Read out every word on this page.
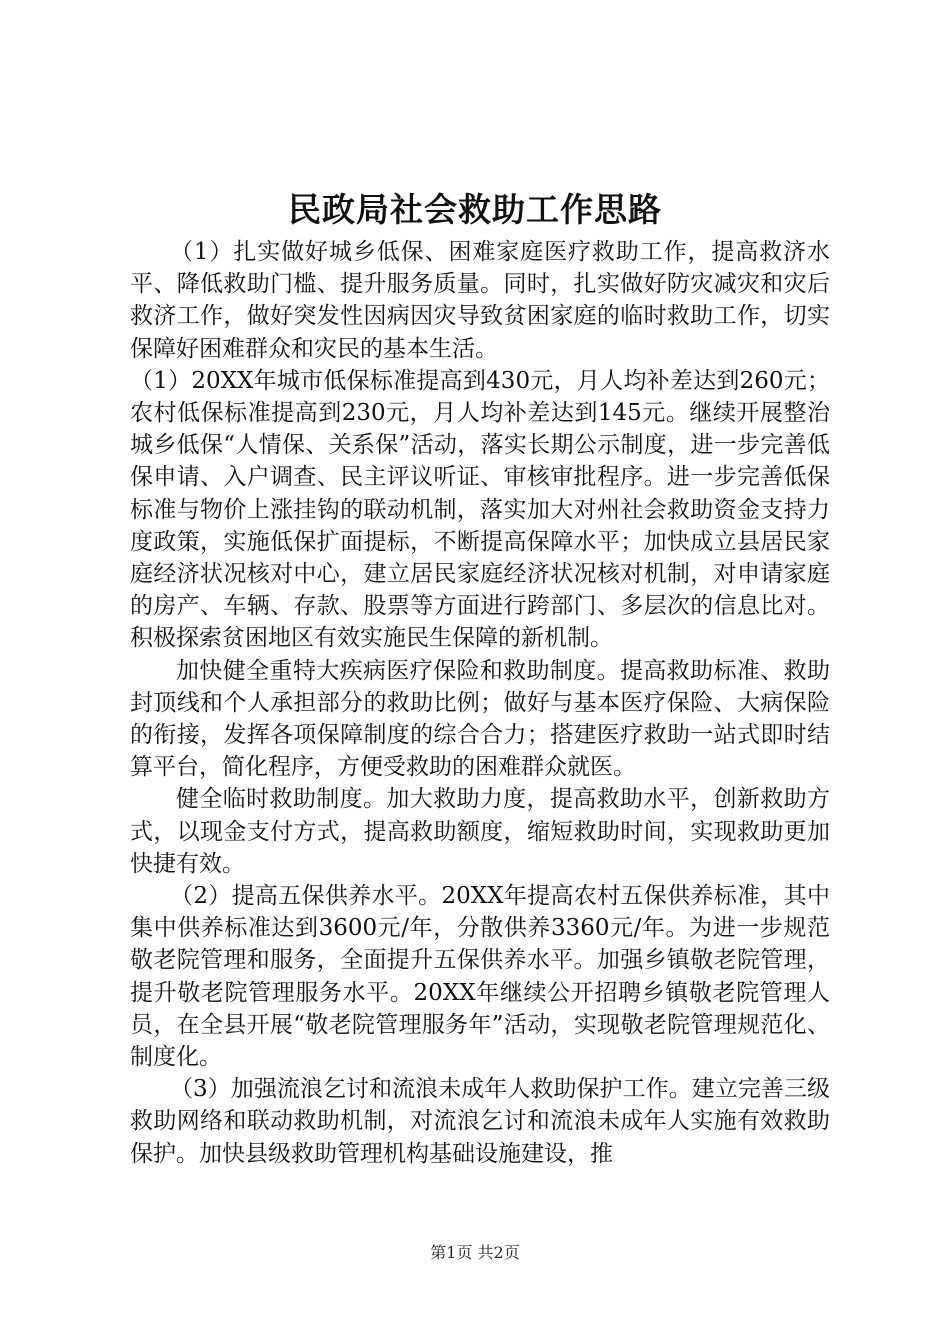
民政局社会救助工作思路

（1）扎实做好城乡低保、困难家庭医疗救助工作，提高救济水平、降低救助门槛、提升服务质量。同时，扎实做好防灾减灾和灾后救济工作，做好突发性因病因灾导致贫困家庭的临时救助工作，切实保障好困难群众和灾民的基本生活。

（1）20XX年城市低保标准提高到430元，月人均补差达到260元；农村低保标准提高到230元，月人均补差达到145元。继续开展整治城乡低保“人情保、关系保”活动，落实长期公示制度，进一步完善低保申请、入户调查、民主评议听证、审核审批程序。进一步完善低保标准与物价上涨挂钩的联动机制，落实加大对州社会救助资金支持力度政策，实施低保扩面提标，不断提高保障水平；加快成立县居民家庭经济状况核对中心，建立居民家庭经济状况核对机制，对申请家庭的房产、车辆、存款、股票等方面进行跨部门、多层次的信息比对。积极探索贫困地区有效实施民生保障的新机制。

加快健全重特大疾病医疗保险和救助制度。提高救助标准、救助封顶线和个人承担部分的救助比例；做好与基本医疗保险、大病保险的衔接，发挥各项保障制度的综合合力；搭建医疗救助一站式即时结算平台，简化程序，方便受救助的困难群众就医。

健全临时救助制度。加大救助力度，提高救助水平，创新救助方式，以现金支付方式，提高救助额度，缩短救助时间，实现救助更加快捷有效。

（2）提高五保供养水平。20XX年提高农村五保供养标准，其中集中供养标准达到3600元/年，分散供养3360元/年。为进一步规范敬老院管理和服务，全面提升五保供养水平。加强乡镇敬老院管理，提升敬老院管理服务水平。20XX年继续公开招聘乡镇敬老院管理人员，在全县开展“敬老院管理服务年”活动，实现敬老院管理规范化、制度化。

（3）加强流浪乞讨和流浪未成年人救助保护工作。建立完善三级救助网络和联动救助机制，对流浪乞讨和流浪未成年人实施有效救助保护。加快县级救助管理机构基础设施建设，推

第1页 共2页
